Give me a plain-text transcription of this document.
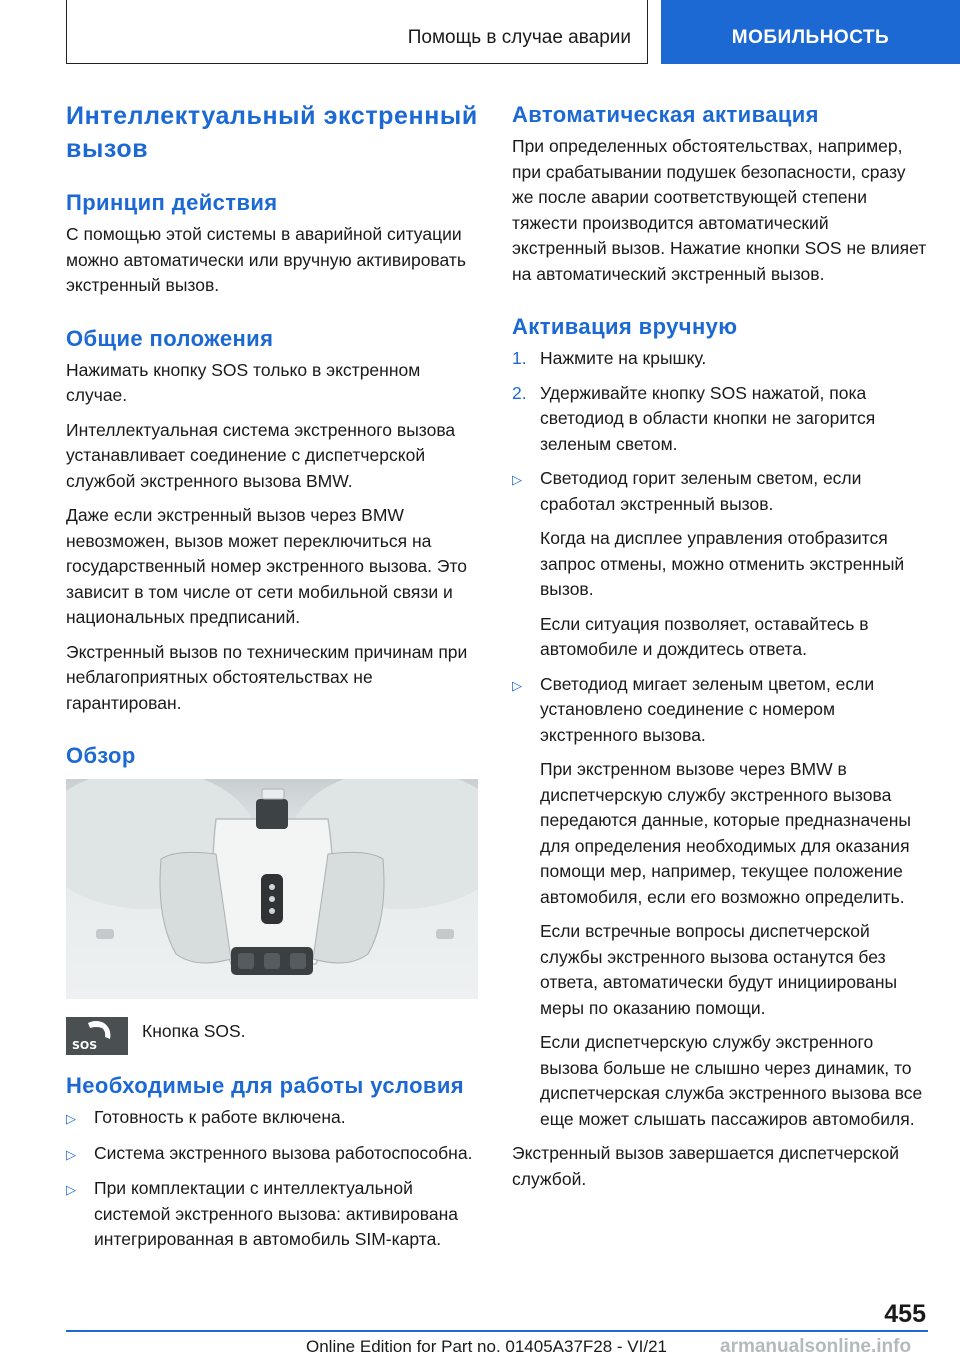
Помощь в случае аварии	МОБИЛЬНОСТЬ
Интеллектуальный экстренный вызов
Принцип действия

С помощью этой системы в аварийной ситуации можно автоматически или вручную активировать экстренный вызов.

Общие положения

Нажимать кнопку SOS только в экстренном случае.

Интеллектуальная система экстренного вызова устанавливает соединение с диспетчерской службой экстренного вызова BMW.

Даже если экстренный вызов через BMW невозможен, вызов может переключиться на государственный номер экстренного вызова. Это зависит в том числе от сети мобильной связи и национальных предписаний.

Экстренный вызов по техническим причинам при неблагоприятных обстоятельствах не гарантирован.

Обзор
SOS
Кнопка SOS.
Необходимые для работы условия
▷	Готовность к работе включена.
▷	Система экстренного вызова работоспособна.
▷	При комплектации с интеллектуальной системой экстренного вызова: активирована интегрированная в автомобиль SIM-карта.
Автоматическая активация

При определенных обстоятельствах, например, при срабатывании подушек безопасности, сразу же после аварии соответствующей степени тяжести производится автоматический экстренный вызов. Нажатие кнопки SOS не влияет на автоматический экстренный вызов.

Активация вручную
1. Нажмите на крышку.
2. Удерживайте кнопку SOS нажатой, пока светодиод в области кнопки не загорится зеленым светом.
▷	Светодиод горит зеленым светом, если сработал экстренный вызов.
Когда на дисплее управления отобразится запрос отмены, можно отменить экстренный вызов.
Если ситуация позволяет, оставайтесь в автомобиле и дождитесь ответа.
▷	Светодиод мигает зеленым цветом, если установлено соединение с номером экстренного вызова.
При экстренном вызове через BMW в диспетчерскую службу экстренного вызова передаются данные, которые предназначены для определения необходимых для оказания помощи мер, например, текущее положение автомобиля, если его возможно определить.
Если встречные вопросы диспетчерской службы экстренного вызова останутся без ответа, автоматически будут инициированы меры по оказанию помощи.
Если диспетчерскую службу экстренного вызова больше не слышно через динамик, то диспетчерская служба экстренного вызова все еще может слышать пассажиров автомобиля.

Экстренный вызов завершается диспетчерской службой.

455
Online Edition for Part no. 01405A37F28 - VI/21	armanualsonline.info
